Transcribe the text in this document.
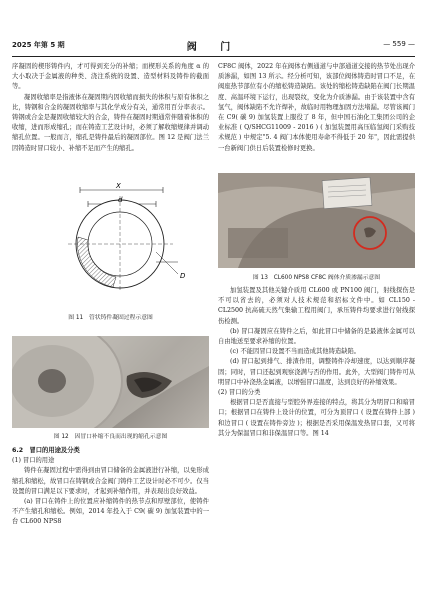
2025 年第 5 期	阀 门	— 559 —

序凝固的楔形铸件内，才可得到充分的补缩；而楔形关系的角度 α 的大小取决于金属液的种类、浇注系统的设置、造型材料及铸件的截面等。

凝固收缩率是指液体在凝固期内因收缩而损失的体积与原有体积之比，铸钢和合金的凝固收缩率与其化学成分有关，通常用百分率表示。铸钢或合金是凝固收缩较大的合金，铸件在凝固时期通常伴随着体积的收缩，进而形成缩孔；而在铸造工艺设计时，必须了解收缩规律并调动缩孔位置。一般而言，缩孔是铸件最后的凝固部位。图 12 是阀门法兰因铸造时冒口较小、补缩不足而产生的缩孔。

X
d
D
图 11　管状铸件凝固过程示意图
图 12　因冒口补缩不良而出现的缩孔示意图

6.2　冒口的用途及分类

(1) 冒口的用途

铸件在凝固过程中需得到由冒口储备的金属液进行补缩，以免形成缩孔和缩松，故冒口在铸钢或合金阀门铸件工艺设计时必不可少。仅当设置的冒口满足以下要求时，才起到补缩作用，并表现出良好效益。

(a) 冒口在铸件上的位置应补缩铸件的热节点和厚壁部位，使铸件不产生缩孔和缩松。例如，2014 年投入于 C9( 碳 9) 加氢装置中的一台 CL600 NPS8

CF8C 阀体，2022 年在阀体右侧通道与中部通道交接的热节处出现介质渗漏，如图 13 所示。经分析可知，该部位阀体铸造时冒口不足，在阀座热节部位有小的缩松铸造缺陷。该处的缩松铸造缺陷在阀门长期温度、高温环境下运行，出现裂纹，变化为介质渗漏。由于该装置中含有氢气，阀体缺陷不允许焊补，故临时用物理加固方法堵漏。尽管该阀门在 C9( 碳 9) 加氢装置上服役了 8 年，但中国石油化工集团公司的企业标准 ( Q/SHCG11009 - 2016 ) ( 加氢装置用高压临氢阀门采购技术规范 ) 中规定"5. 4 阀门本体使用寿命不得低于 20 年"，因此需提供一台新阀门供日后装置检修时更换。

图 13　CL600 NPS8 CF8C 阀体介质渗漏示意图

加氢装置及其他关键介质用 CL600 或 PN100 阀门，射线探伤是不可以省去的，必须对人技术规范和招标文件中。如 CL150 - CL2500 抗高硫天然气集输工程用阀门，承压铸件均要求进行射线探伤检测。

(b) 冒口凝固应在铸件之后，如此冒口中储备的是最液体金属可以自由地送至要求补缩的位置。

(c) 不能因冒口设置不当而造成其他铸造缺陷。

(d) 冒口起到排气、排渣作用，调整铸件冷却速度，以达到顺序凝固；同时，冒口还起到观察浇满与否的作用。此外，大型阀门铸件可从明冒口中补浇热金属液，以增强冒口温度，达到良好的补缩效果。

(2) 冒口的分类

根据冒口是否直接与型腔外界连接的特点，将其分为明冒口和暗冒口；根据冒口在铸件上设计的位置，可分为顶冒口 ( 设置在铸件上部 ) 和边冒口 ( 设置在铸件旁边 )；根据是否采用保温发热冒口套，又可将其分为保温冒口和非保温冒口等。图 14
